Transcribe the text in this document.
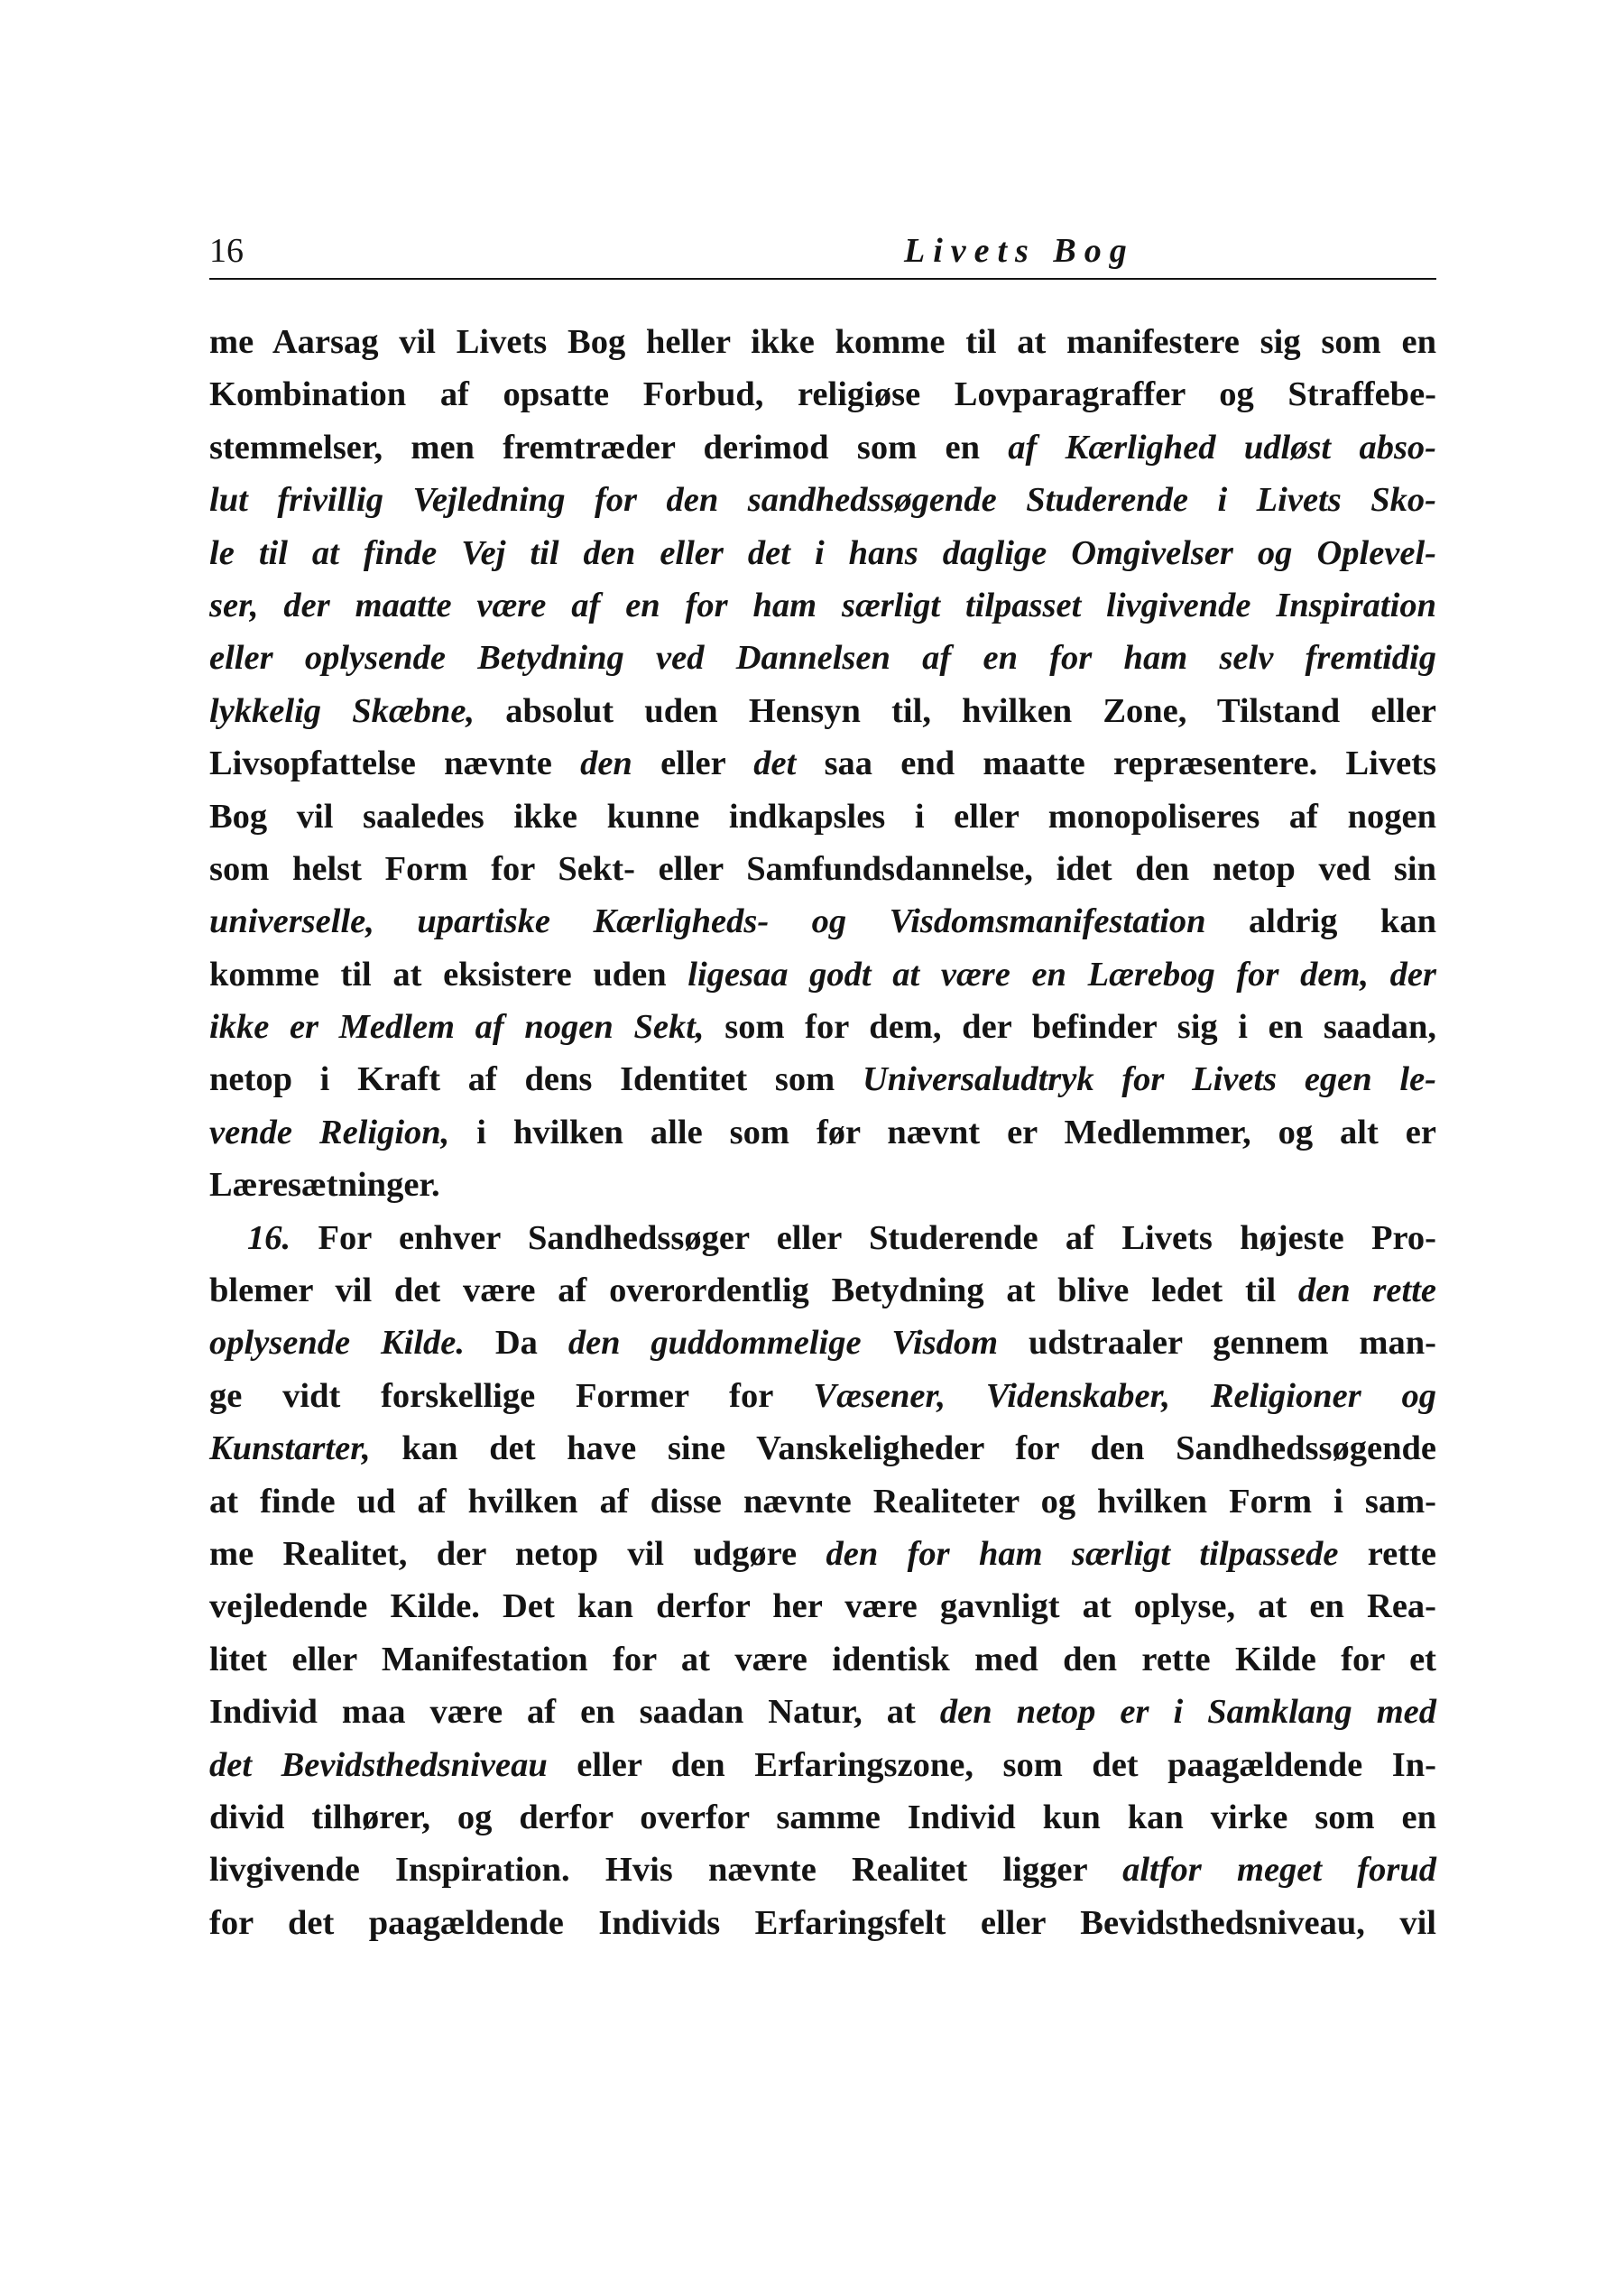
16	Livets Bog
me Aarsag vil Livets Bog heller ikke komme til at manifestere sig som en
Kombination af opsatte Forbud, religiøse Lovparagraffer og Straffebe-
stemmelser, men fremtræder derimod som en af Kærlighed udløst abso-
lut frivillig Vejledning for den sandhedssøgende Studerende i Livets Sko-
le til at finde Vej til den eller det i hans daglige Omgivelser og Oplevel-
ser, der maatte være af en for ham særligt tilpasset livgivende Inspiration
eller oplysende Betydning ved Dannelsen af en for ham selv fremtidig
lykkelig Skæbne, absolut uden Hensyn til, hvilken Zone, Tilstand eller
Livsopfattelse nævnte den eller det saa end maatte repræsentere. Livets
Bog vil saaledes ikke kunne indkapsles i eller monopoliseres af nogen
som helst Form for Sekt- eller Samfundsdannelse, idet den netop ved sin
universelle, upartiske Kærligheds- og Visdomsmanifestation aldrig kan
komme til at eksistere uden ligesaa godt at være en Lærebog for dem, der
ikke er Medlem af nogen Sekt, som for dem, der befinder sig i en saadan,
netop i Kraft af dens Identitet som Universaludtryk for Livets egen le-
vende Religion, i hvilken alle som før nævnt er Medlemmer, og alt er
Læresætninger.
16. For enhver Sandhedssøger eller Studerende af Livets højeste Pro-
blemer vil det være af overordentlig Betydning at blive ledet til den rette
oplysende Kilde. Da den guddommelige Visdom udstraaler gennem man-
ge vidt forskellige Former for Væsener, Videnskaber, Religioner og
Kunstarter, kan det have sine Vanskeligheder for den Sandhedssøgende
at finde ud af hvilken af disse nævnte Realiteter og hvilken Form i sam-
me Realitet, der netop vil udgøre den for ham særligt tilpassede rette
vejledende Kilde. Det kan derfor her være gavnligt at oplyse, at en Rea-
litet eller Manifestation for at være identisk med den rette Kilde for et
Individ maa være af en saadan Natur, at den netop er i Samklang med
det Bevidsthedsniveau eller den Erfaringszone, som det paagældende In-
divid tilhører, og derfor overfor samme Individ kun kan virke som en
livgivende Inspiration. Hvis nævnte Realitet ligger altfor meget forud
for det paagældende Individs Erfaringsfelt eller Bevidsthedsniveau, vil
